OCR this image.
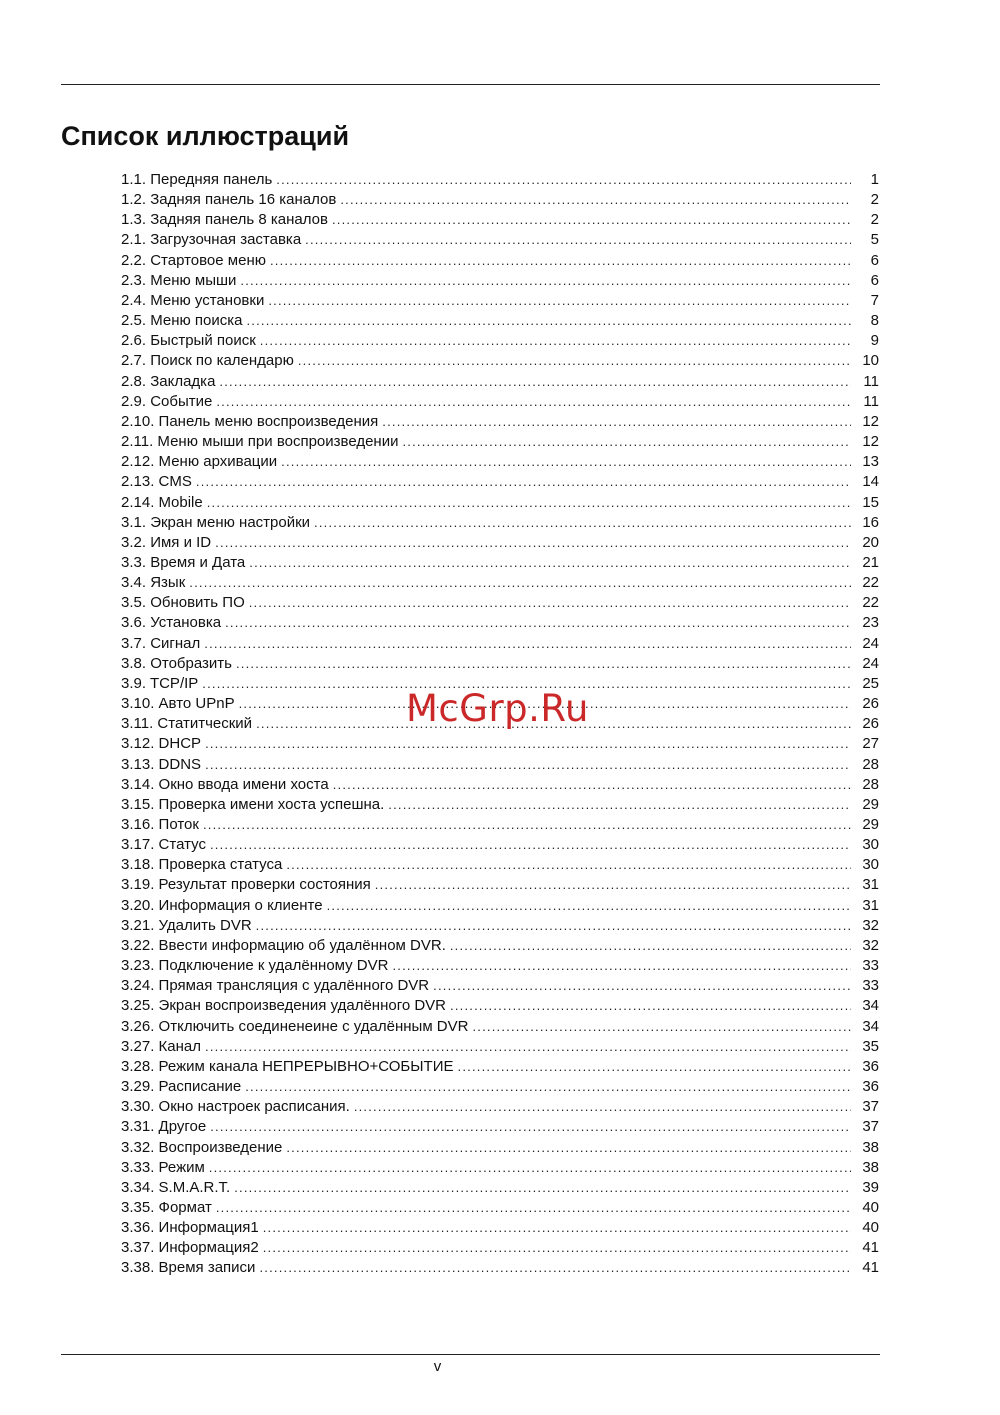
Список иллюстраций
1.1. Передняя панель .....	1
1.2. Задняя панель 16 каналов .....	2
1.3. Задняя панель 8 каналов .....	2
2.1. Загрузочная заставка .....	5
2.2. Стартовое меню .....	6
2.3. Меню мыши .....	6
2.4. Меню установки .....	7
2.5. Меню поиска .....	8
2.6. Быстрый поиск .....	9
2.7. Поиск по календарю .....	10
2.8. Закладка .....	11
2.9. Событие .....	11
2.10. Панель меню воспроизведения .....	12
2.11. Меню мыши при воспроизведении .....	12
2.12. Меню архивации .....	13
2.13. CMS .....	14
2.14. Mobile .....	15
3.1. Экран меню настройки .....	16
3.2. Имя и ID .....	20
3.3. Время и Дата .....	21
3.4. Язык .....	22
3.5. Обновить ПО .....	22
3.6. Установка .....	23
3.7. Сигнал .....	24
3.8. Отобразить .....	24
3.9. TCP/IP .....	25
3.10. Авто UPnP .....	26
3.11. Статитческий .....	26
3.12. DHCP .....	27
3.13. DDNS .....	28
3.14. Окно ввода имени хоста .....	28
3.15. Проверка имени хоста успешна. .....	29
3.16. Поток .....	29
3.17. Статус .....	30
3.18. Проверка статуса .....	30
3.19. Результат проверки состояния .....	31
3.20. Информация о клиенте .....	31
3.21. Удалить DVR .....	32
3.22. Ввести информацию об удалённом DVR. .....	32
3.23. Подключение к удалённому DVR .....	33
3.24. Прямая трансляция с удалённого DVR .....	33
3.25. Экран воспроизведения удалённого DVR .....	34
3.26. Отключить соединенеине с удалённым DVR .....	34
3.27. Канал .....	35
3.28. Режим канала НЕПРЕРЫВНО+СОБЫТИЕ .....	36
3.29. Расписание .....	36
3.30. Окно настроек расписания. .....	37
3.31. Другое .....	37
3.32. Воспроизведение .....	38
3.33. Режим .....	38
3.34. S.M.A.R.T. .....	39
3.35. Формат .....	40
3.36. Информация1 .....	40
3.37. Информация2 .....	41
3.38. Время записи .....	41
McGrp.Ru
v
